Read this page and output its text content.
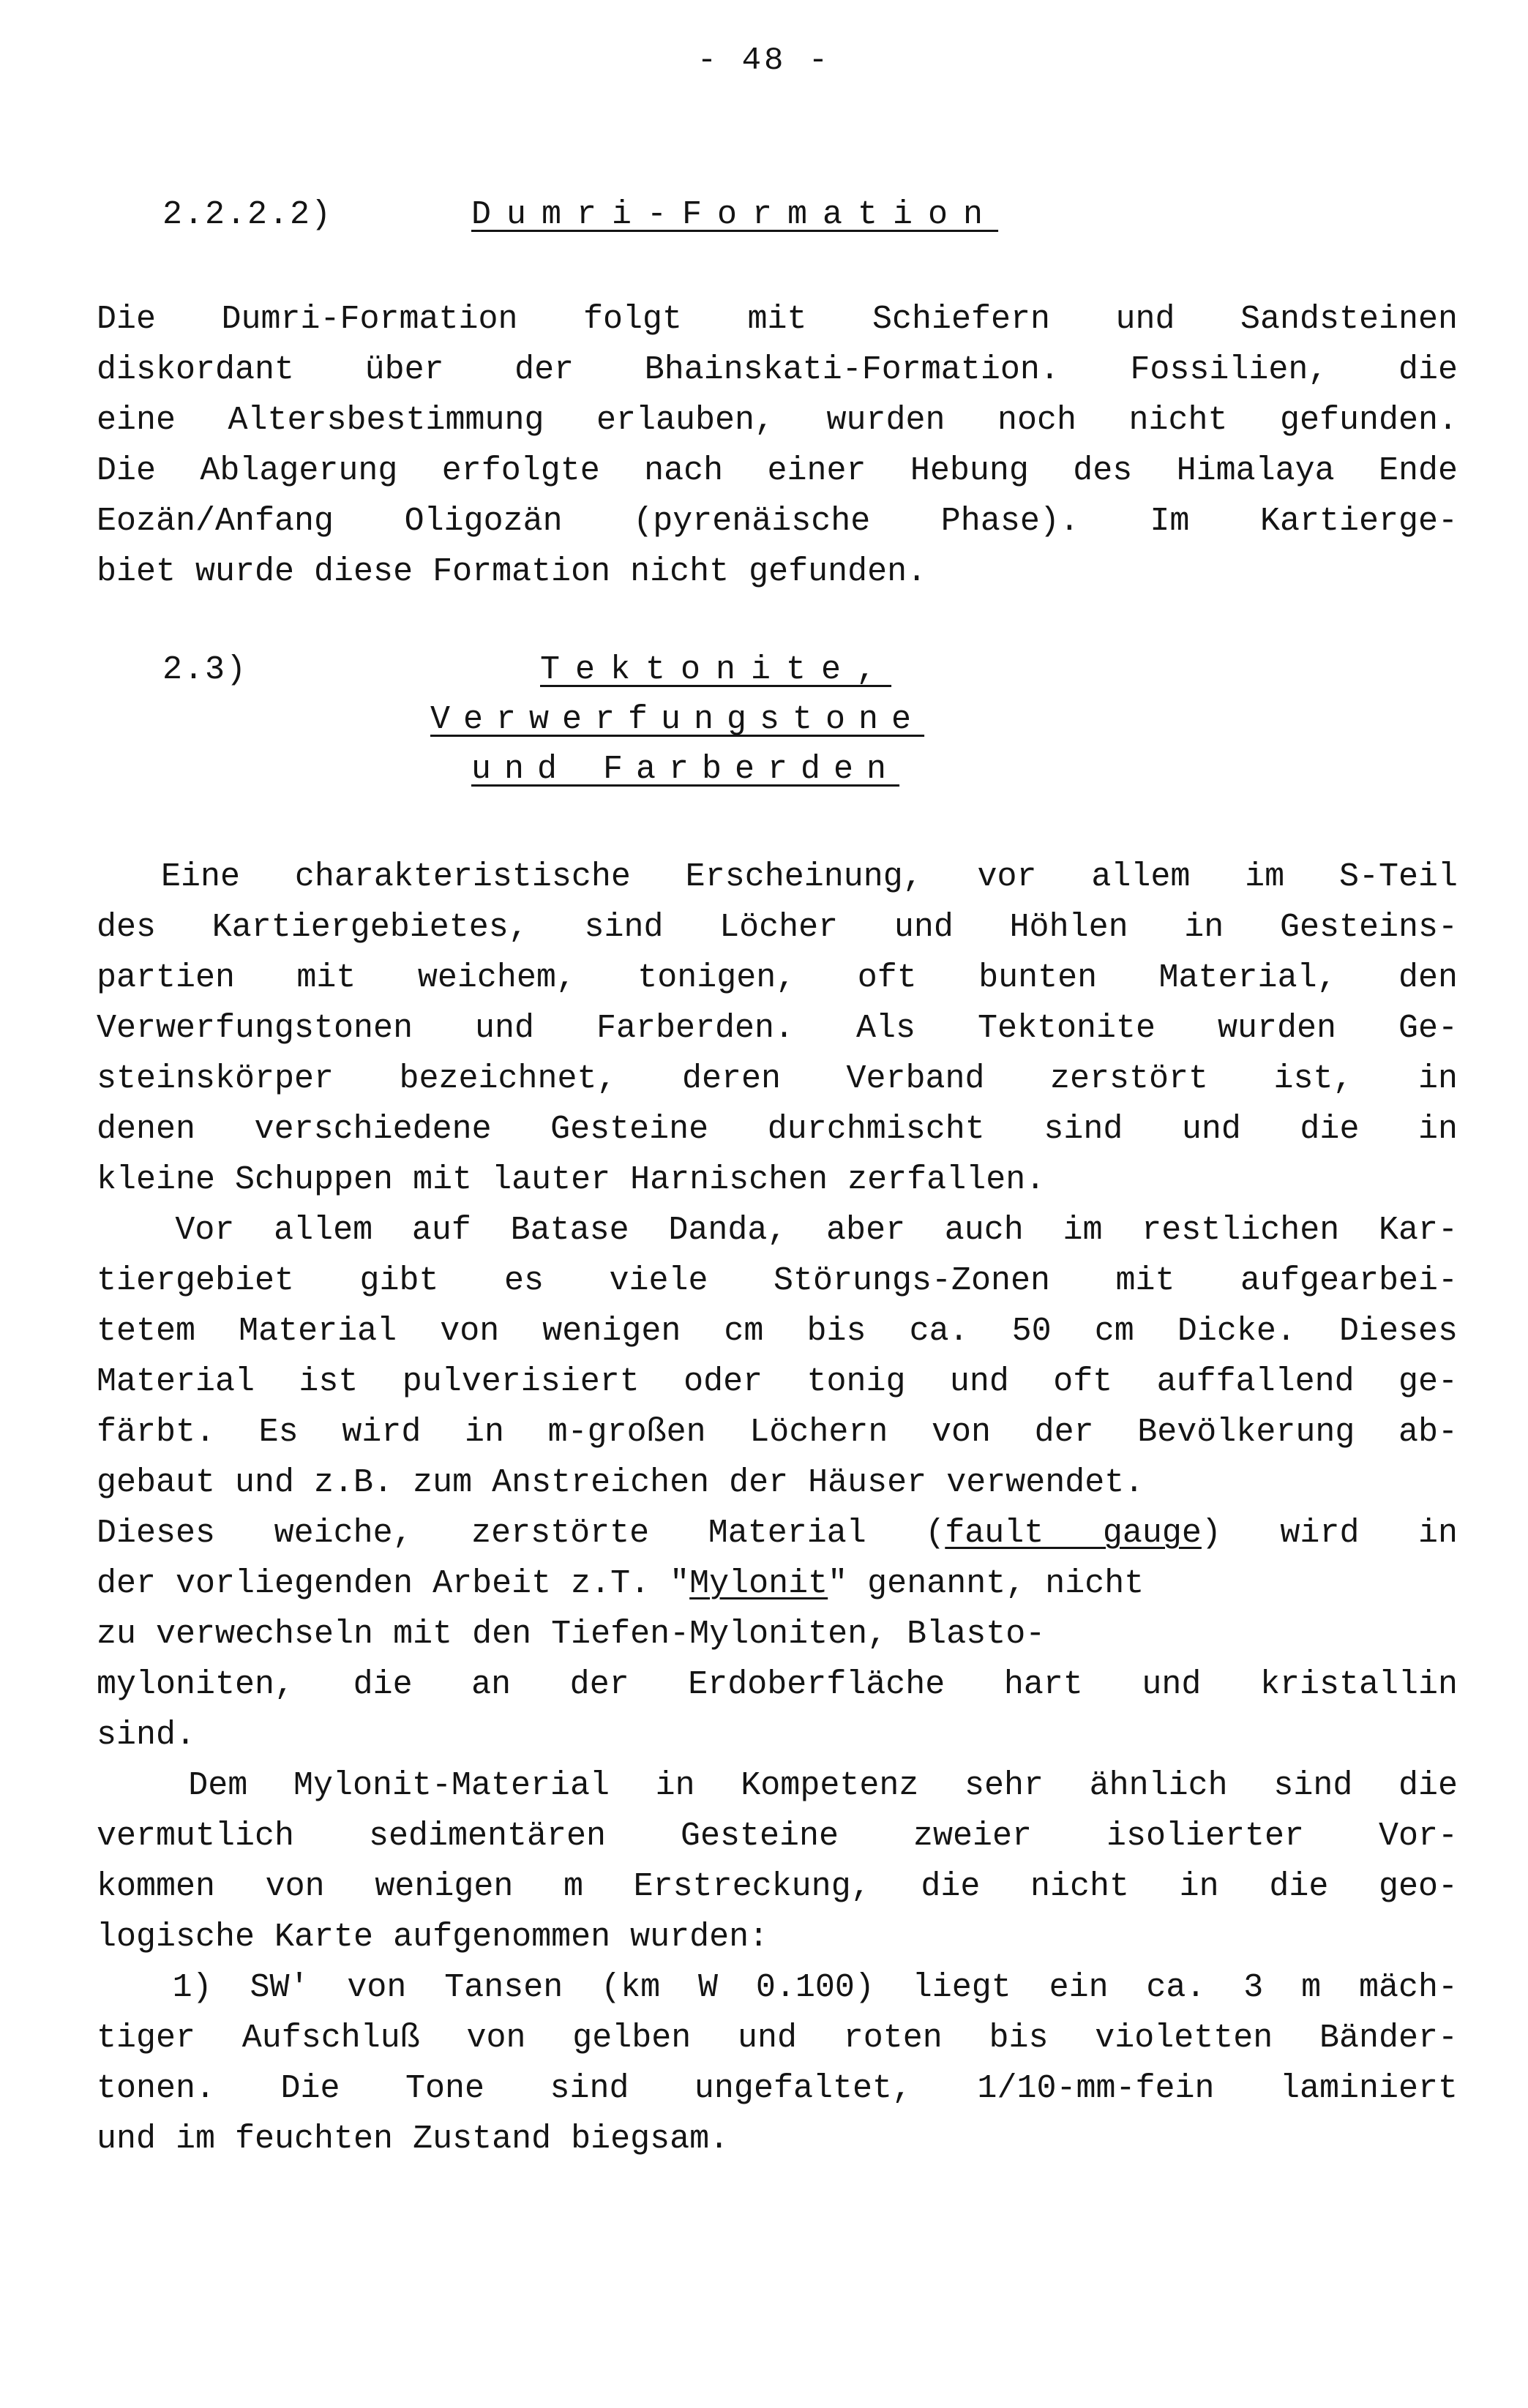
- 48 -
2.2.2.2)	Dumri-Formation
Die Dumri-Formation folgt mit Schiefern und Sandsteinen
diskordant über der Bhainskati-Formation. Fossilien, die
eine Altersbestimmung erlauben, wurden noch nicht gefunden.
Die Ablagerung erfolgte nach einer Hebung des Himalaya Ende
Eozän/Anfang Oligozän (pyrenäische Phase). Im Kartierge-
biet wurde diese Formation nicht gefunden.
2.3)	Tektonite,
Verwerfungstone
und Farberden
Eine charakteristische Erscheinung, vor allem im S-Teil
des Kartiergebietes, sind Löcher und Höhlen in Gesteins-
partien mit weichem, tonigen, oft bunten Material, den
Verwerfungstonen und Farberden. Als Tektonite wurden Ge-
steinskörper bezeichnet, deren Verband zerstört ist, in
denen verschiedene Gesteine durchmischt sind und die in
kleine Schuppen mit lauter Harnischen zerfallen.
Vor allem auf Batase Danda, aber auch im restlichen Kar-
tiergebiet gibt es viele Störungs-Zonen mit aufgearbei-
tetem Material von wenigen cm bis ca. 50 cm Dicke. Dieses
Material ist pulverisiert oder tonig und oft auffallend ge-
färbt. Es wird in m-großen Löchern von der Bevölkerung ab-
gebaut und z.B. zum Anstreichen der Häuser verwendet.
Dieses weiche, zerstörte Material (fault gauge) wird in
der vorliegenden Arbeit z.T. "Mylonit" genannt, nicht
zu verwechseln mit den Tiefen-Myloniten, Blasto-
myloniten, die an der Erdoberfläche hart und kristallin
sind.
Dem Mylonit-Material in Kompetenz sehr ähnlich sind die
vermutlich sedimentären Gesteine zweier isolierter Vor-
kommen von wenigen m Erstreckung, die nicht in die geo-
logische Karte aufgenommen wurden:
1) SW' von Tansen (km W 0.100) liegt ein ca. 3 m mäch-
tiger Aufschluß von gelben und roten bis violetten Bänder-
tonen. Die Tone sind ungefaltet, 1/10-mm-fein laminiert
und im feuchten Zustand biegsam.
